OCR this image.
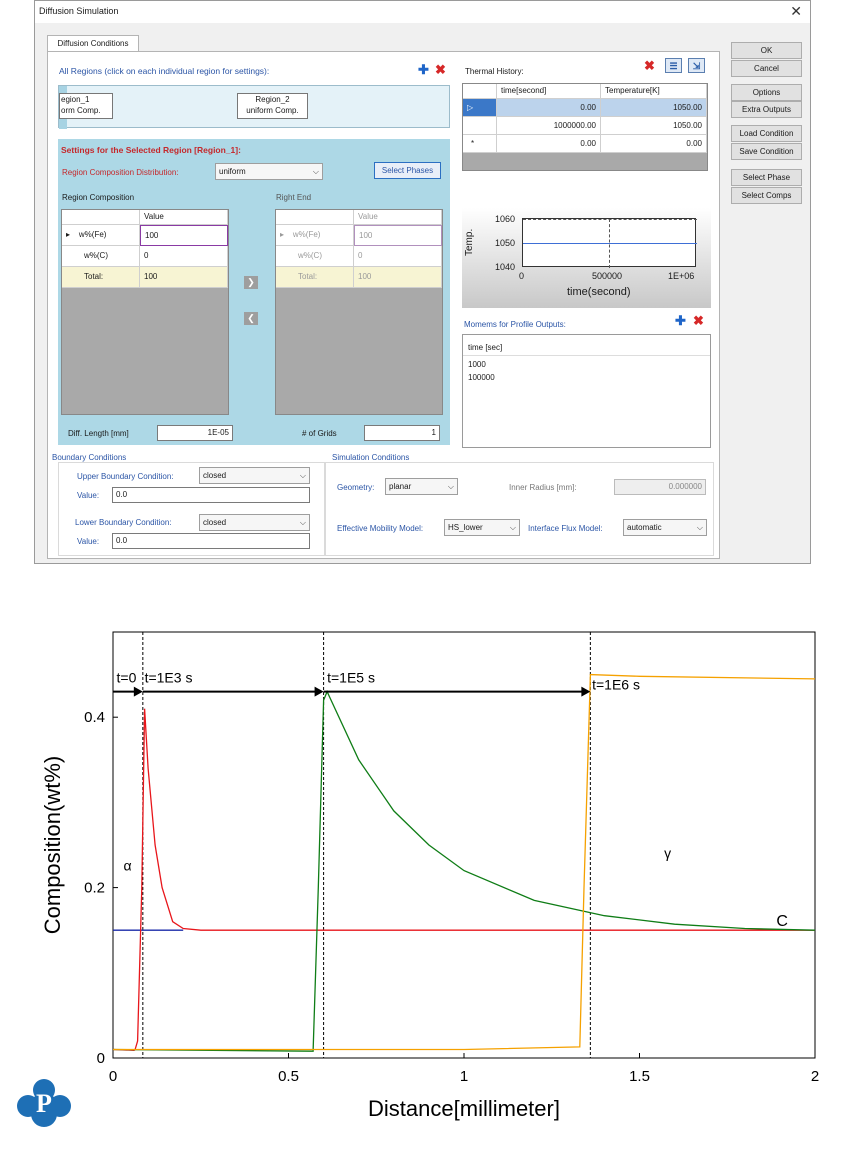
Diffusion Simulation	✕
Diffusion Conditions
All Regions (click on each individual region for settings):	✚ ✖
egion_1
orm Comp.
Region_2
uniform Comp.
Settings for the Selected Region [Region_1]:
Region Composition Distribution:	uniform	⌵	Select Phases
Region Composition	Right End
Value
▸ w%(Fe)	100
w%(C)	0
Total:	100
❯
❮
Value
▸ w%(Fe)	100
w%(C)	0
Total:	100
Diff. Length [mm]	1E-05	# of Grids	1
Thermal History:	✖	☰	⇲
time[second]	Temperature[K]
▷	0.00	1050.00
1000000.00	1050.00
*	0.00	0.00
1060
1050
1040
0	500000	1E+06
time(second)
Temp.
Momems for Profile Outputs:	✚ ✖
time [sec]
1000
100000
Boundary Conditions
Upper Boundary Condition:	closed	⌵
Value:	0.0
Lower Boundary Condition:	closed	⌵
Value:	0.0
Simulation Conditions
Geometry:	planar	⌵	Inner Radius [mm]:	0.000000
Effective Mobility Model:	HS_lower	⌵ Interface Flux Model:	automatic	⌵
OK
Cancel
Options
Extra Outputs
Load Condition
Save Condition
Select Phase
Select Comps
0	0.5	1	1.5	2
0
0.2
0.4
Distance[millimeter]
Composition(wt%)
t=0 t=1E3 s	t=1E5 s	t=1E6 s
α
γ
C
P
